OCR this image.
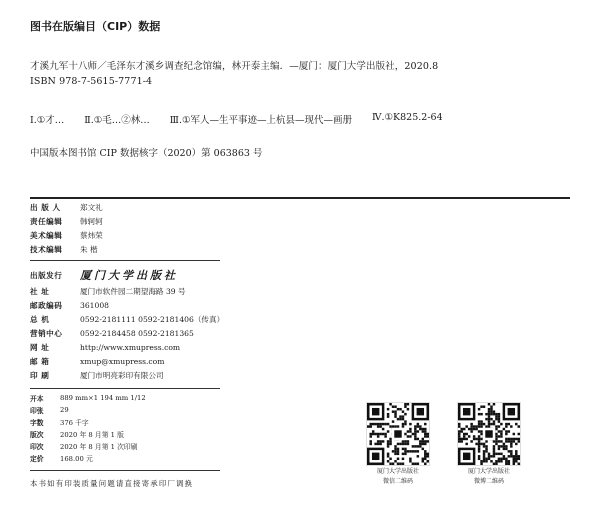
图书在版编目（CIP）数据
才溪九军十八师／毛泽东才溪乡调查纪念馆编，林开泰主编．—厦门：厦门大学出版社，2020.8
ISBN 978-7-5615-7771-4
Ⅰ.①才… Ⅱ.①毛…②林… Ⅲ.①军人—生平事迹—上杭县—现代—画册 Ⅳ.①K825.2-64
中国版本图书馆 CIP 数据核字（2020）第 063863 号
出 版 人	郑文礼
责任编辑	韩轲轲
美术编辑	蔡炜荣
技术编辑	朱 楷
出版发行	厦门大学出版社
社 址	厦门市软件园二期望海路 39 号
邮政编码	361008
总 机	0592-2181111 0592-2181406（传真）
营销中心	0592-2184458 0592-2181365
网 址	http://www.xmupress.com
邮 箱	xmup@xmupress.com
印 刷	厦门市明亮彩印有限公司
开本	889 mm×1 194 mm 1/12
印张	29
字数	376 千字
版次	2020 年 8 月第 1 版
印次	2020 年 8 月第 1 次印刷
定价	168.00 元
本书如有印装质量问题请直接寄承印厂调换
厦门大学出版社
微信二维码
厦门大学出版社
微博二维码
